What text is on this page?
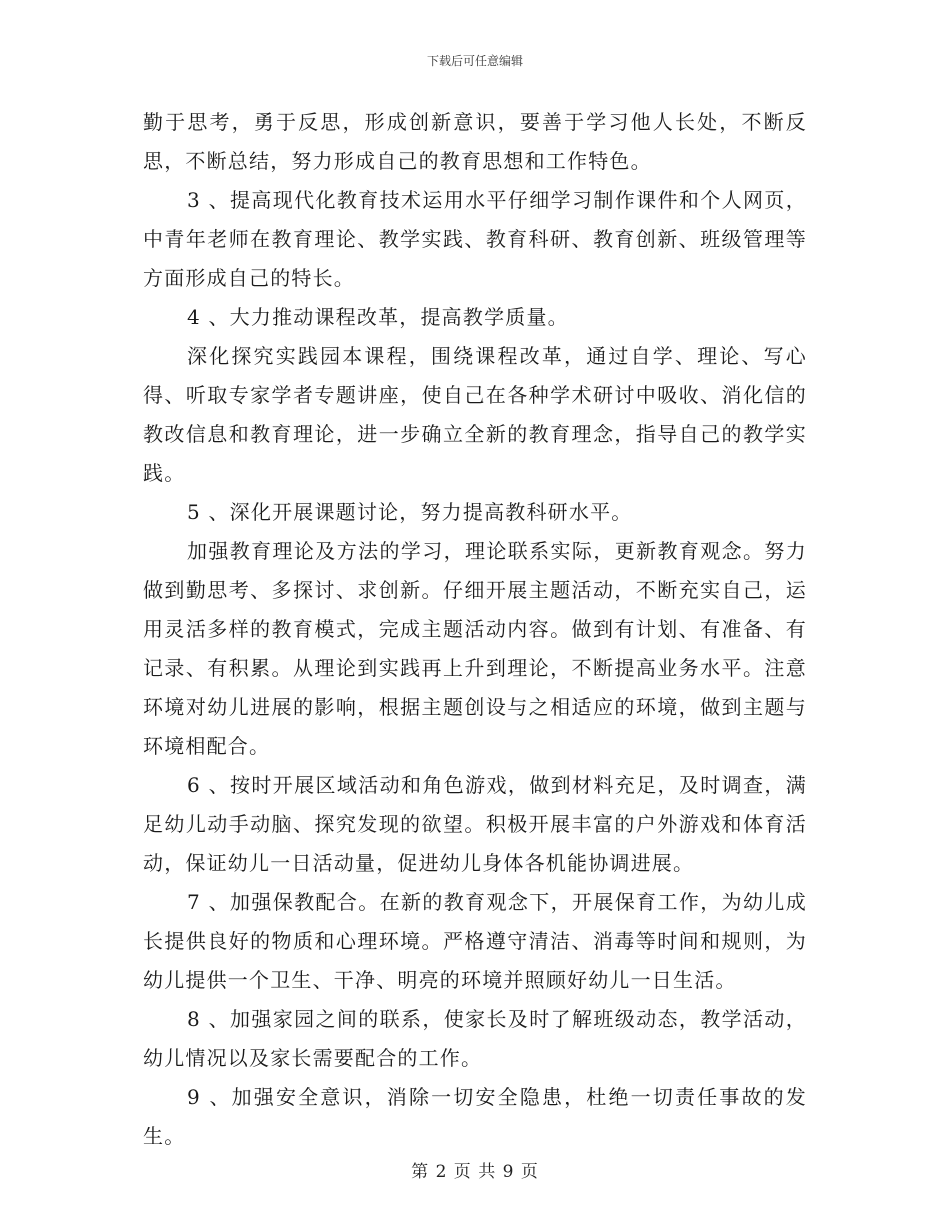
下载后可任意编辑

勤于思考，勇于反思，形成创新意识，要善于学习他人长处，不断反思，不断总结，努力形成自己的教育思想和工作特色。

3 、提高现代化教育技术运用水平仔细学习制作课件和个人网页，中青年老师在教育理论、教学实践、教育科研、教育创新、班级管理等方面形成自己的特长。

4 、大力推动课程改革，提高教学质量。

深化探究实践园本课程，围绕课程改革，通过自学、理论、写心得、听取专家学者专题讲座，使自己在各种学术研讨中吸收、消化信的教改信息和教育理论，进一步确立全新的教育理念，指导自己的教学实践。

5 、深化开展课题讨论，努力提高教科研水平。

加强教育理论及方法的学习，理论联系实际，更新教育观念。努力做到勤思考、多探讨、求创新。仔细开展主题活动，不断充实自己，运用灵活多样的教育模式，完成主题活动内容。做到有计划、有准备、有记录、有积累。从理论到实践再上升到理论，不断提高业务水平。注意环境对幼儿进展的影响，根据主题创设与之相适应的环境，做到主题与环境相配合。

6 、按时开展区域活动和角色游戏，做到材料充足，及时调查，满足幼儿动手动脑、探究发现的欲望。积极开展丰富的户外游戏和体育活动，保证幼儿一日活动量，促进幼儿身体各机能协调进展。

7 、加强保教配合。在新的教育观念下，开展保育工作，为幼儿成长提供良好的物质和心理环境。严格遵守清洁、消毒等时间和规则，为幼儿提供一个卫生、干净、明亮的环境并照顾好幼儿一日生活。

8 、加强家园之间的联系，使家长及时了解班级动态，教学活动，幼儿情况以及家长需要配合的工作。

9 、加强安全意识，消除一切安全隐患，杜绝一切责任事故的发生。

第 2 页 共 9 页
